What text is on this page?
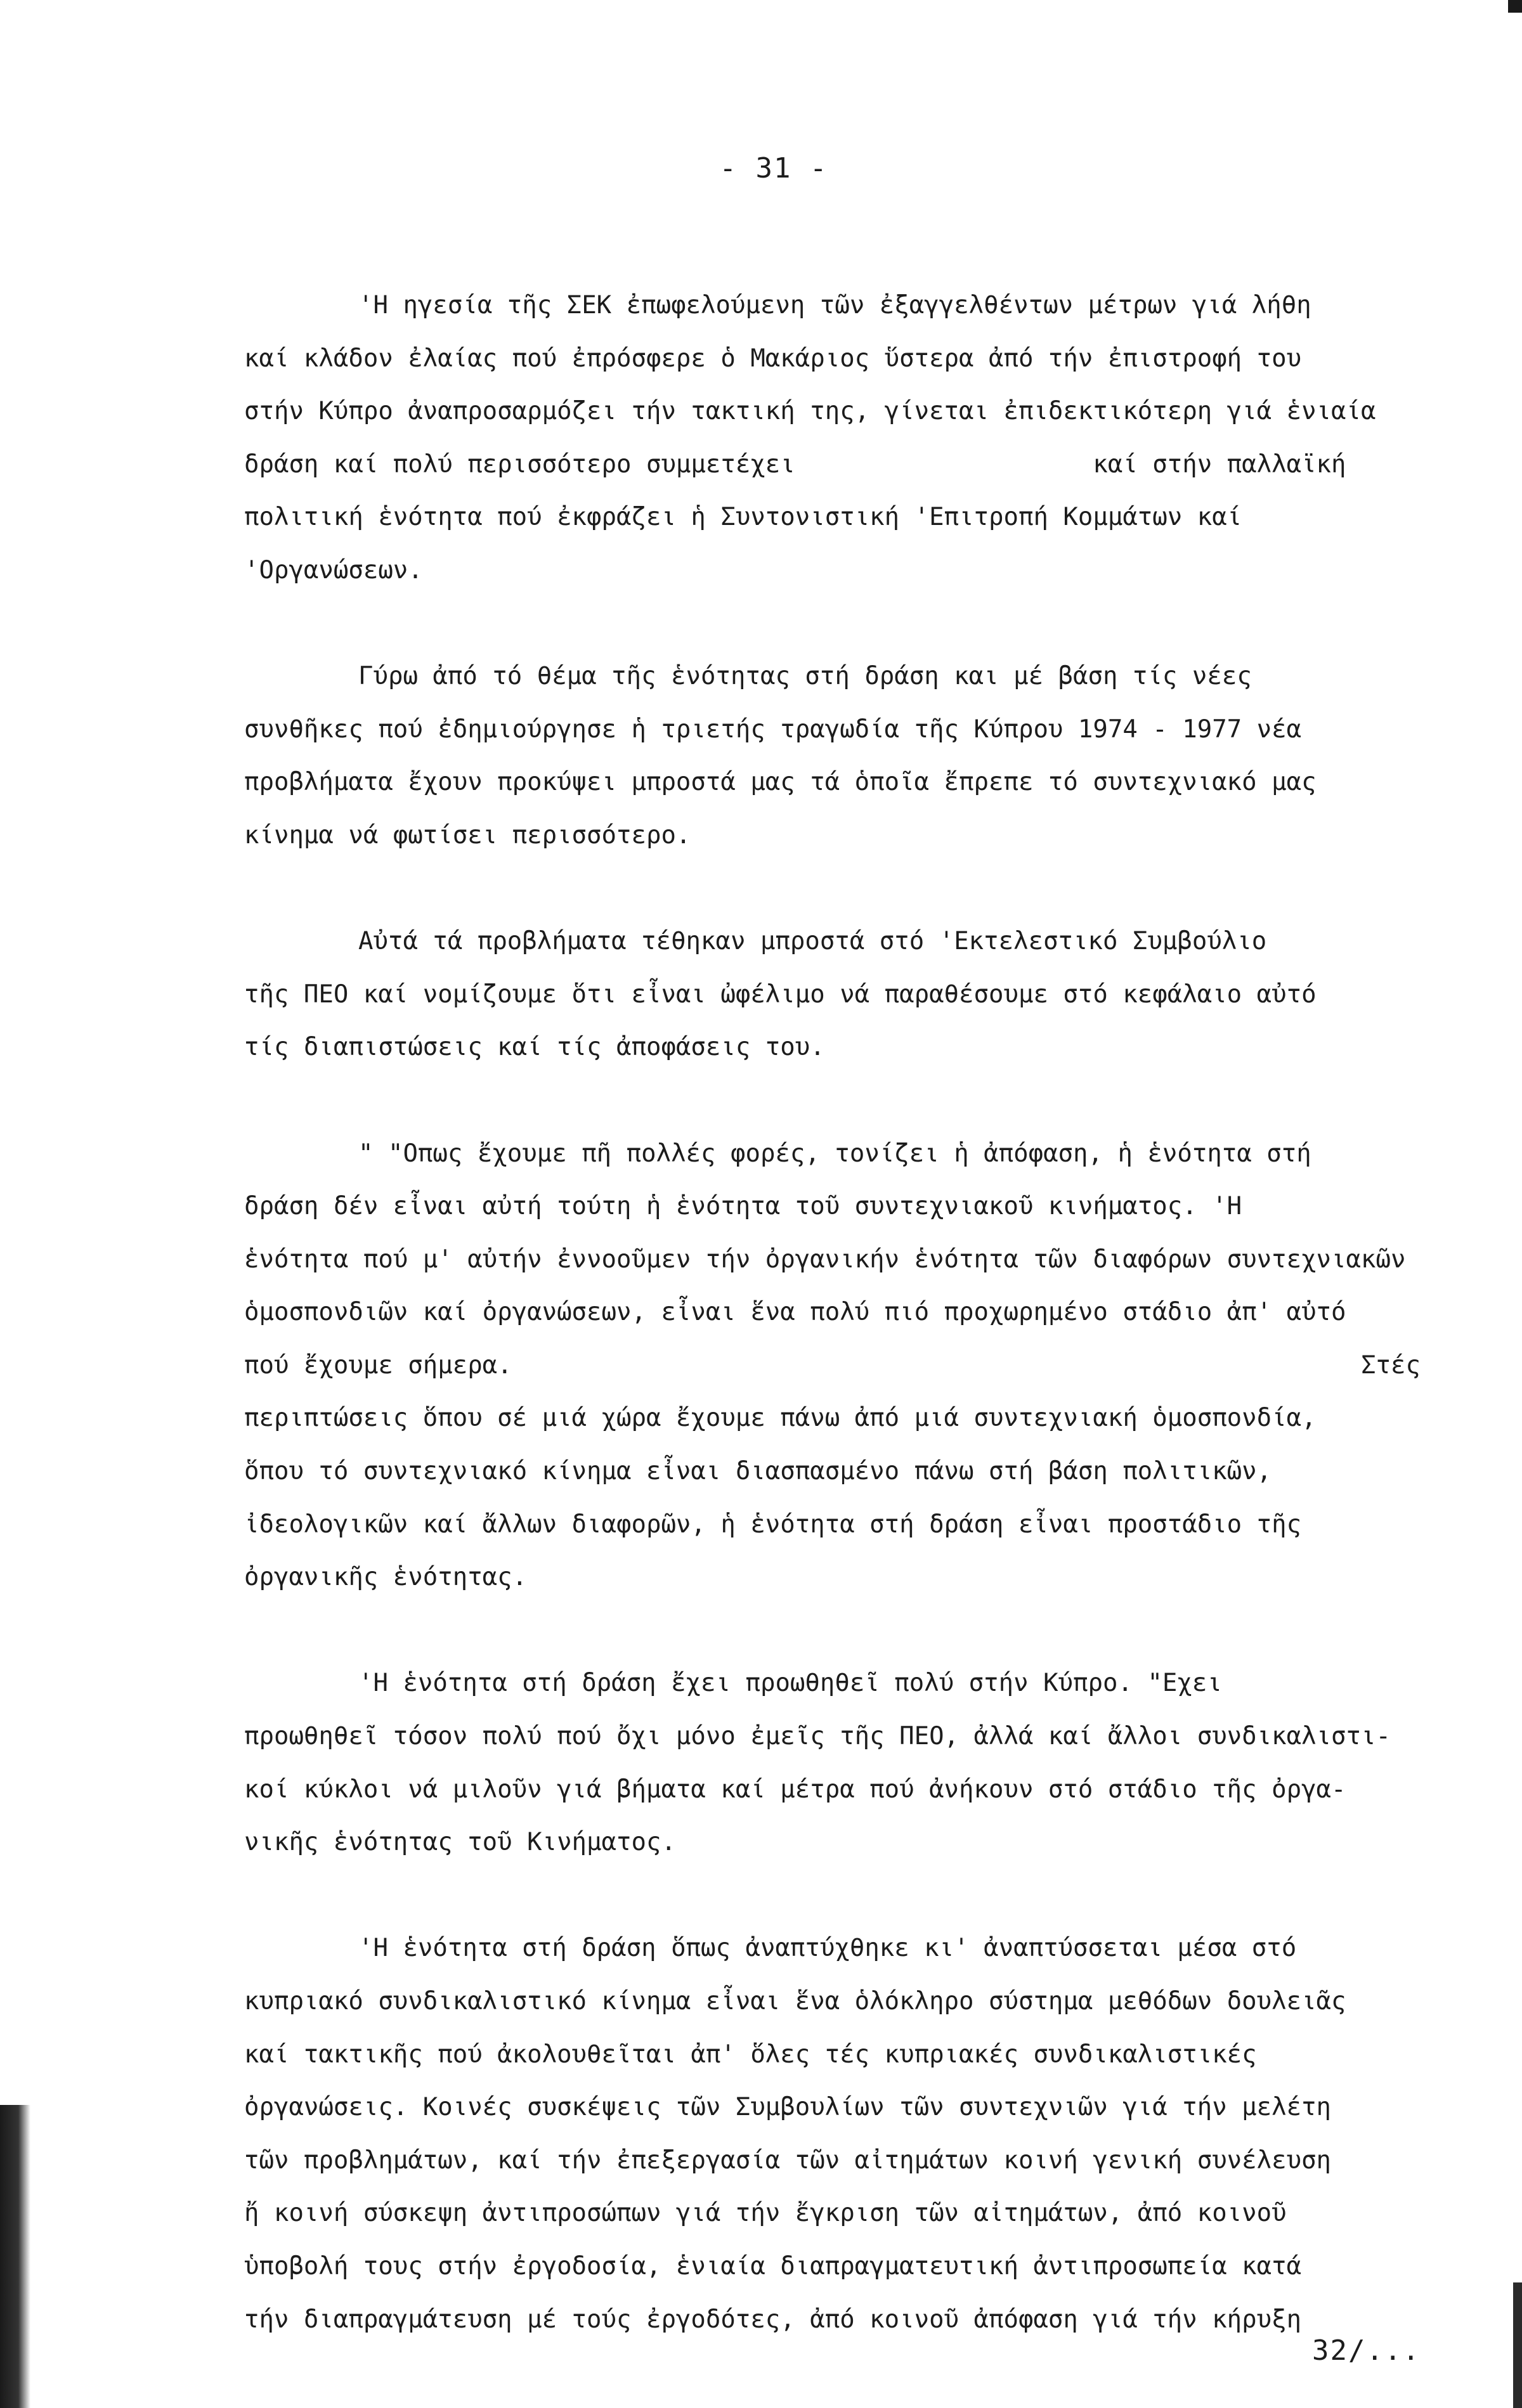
- 31 -

'Η ηγεσία τῆς ΣΕΚ ἐπωφελούμενη τῶν ἐξαγγελθέντων μέτρων γιά λήθη
καί κλάδον ἐλαίας πού ἐπρόσφερε ὁ Μακάριος ὕστερα ἀπό τήν ἐπιστροφή του
στήν Κύπρο ἀναπροσαρμόζει τήν τακτική της, γίνεται ἐπιδεκτικότερη γιά ἑνιαία
δράση καί πολύ περισσότερο συμμετέχει                    καί στήν παλλαϊκή
πολιτική ἑνότητα πού ἐκφράζει ἡ Συντονιστική 'Επιτροπή Κομμάτων καί
'Οργανώσεων.

Γύρω ἀπό τό θέμα τῆς ἑνότητας στή δράση και μέ βάση τίς νέες
συνθῆκες πού ἐδημιούργησε ἡ τριετής τραγωδία τῆς Κύπρου 1974 - 1977 νέα
προβλήματα ἔχουν προκύψει μπροστά μας τά ὁποῖα ἔπρεπε τό συντεχνιακό μας
κίνημα νά φωτίσει περισσότερο.

Αὐτά τά προβλήματα τέθηκαν μπροστά στό 'Εκτελεστικό Συμβούλιο
τῆς ΠΕΟ καί νομίζουμε ὅτι εἶναι ὠφέλιμο νά παραθέσουμε στό κεφάλαιο αὐτό
τίς διαπιστώσεις καί τίς ἀποφάσεις του.

" "Οπως ἔχουμε πῆ πολλές φορές, τονίζει ἡ ἀπόφαση, ἡ ἑνότητα στή
δράση δέν εἶναι αὐτή τούτη ἡ ἑνότητα τοῦ συντεχνιακοῦ κινήματος. 'Η
ἑνότητα πού μ' αὐτήν ἐννοοῦμεν τήν ὀργανικήν ἑνότητα τῶν διαφόρων συντεχνιακῶν
ὁμοσπονδιῶν καί ὀργανώσεων, εἶναι ἕνα πολύ πιό προχωρημένο στάδιο ἀπ' αὐτό
πού ἔχουμε σήμερα.	Στές
περιπτώσεις ὅπου σέ μιά χώρα ἔχουμε πάνω ἀπό μιά συντεχνιακή ὁμοσπονδία,
ὅπου τό συντεχνιακό κίνημα εἶναι διασπασμένο πάνω στή βάση πολιτικῶν,
ἰδεολογικῶν καί ἄλλων διαφορῶν, ἡ ἑνότητα στή δράση εἶναι προστάδιο τῆς
ὀργανικῆς ἑνότητας.

'Η ἑνότητα στή δράση ἔχει προωθηθεῖ πολύ στήν Κύπρο. "Εχει
προωθηθεῖ τόσον πολύ πού ὄχι μόνο ἐμεῖς τῆς ΠΕΟ, ἀλλά καί ἄλλοι συνδικαλιστι-
κοί κύκλοι νά μιλοῦν γιά βήματα καί μέτρα πού ἀνήκουν στό στάδιο τῆς ὀργα-
νικῆς ἑνότητας τοῦ Κινήματος.

'Η ἑνότητα στή δράση ὅπως ἀναπτύχθηκε κι' ἀναπτύσσεται μέσα στό
κυπριακό συνδικαλιστικό κίνημα εἶναι ἕνα ὁλόκληρο σύστημα μεθόδων δουλειᾶς
καί τακτικῆς πού ἀκολουθεῖται ἀπ' ὅλες τές κυπριακές συνδικαλιστικές
ὀργανώσεις. Κοινές συσκέψεις τῶν Συμβουλίων τῶν συντεχνιῶν γιά τήν μελέτη
τῶν προβλημάτων, καί τήν ἐπεξεργασία τῶν αἰτημάτων κοινή γενική συνέλευση
ἤ κοινή σύσκεψη ἀντιπροσώπων γιά τήν ἔγκριση τῶν αἰτημάτων, ἀπό κοινοῦ
ὑποβολή τους στήν ἐργοδοσία, ἑνιαία διαπραγματευτική ἀντιπροσωπεία κατά
τήν διαπραγμάτευση μέ τούς ἐργοδότες, ἀπό κοινοῦ ἀπόφαση γιά τήν κήρυξη

32/...
